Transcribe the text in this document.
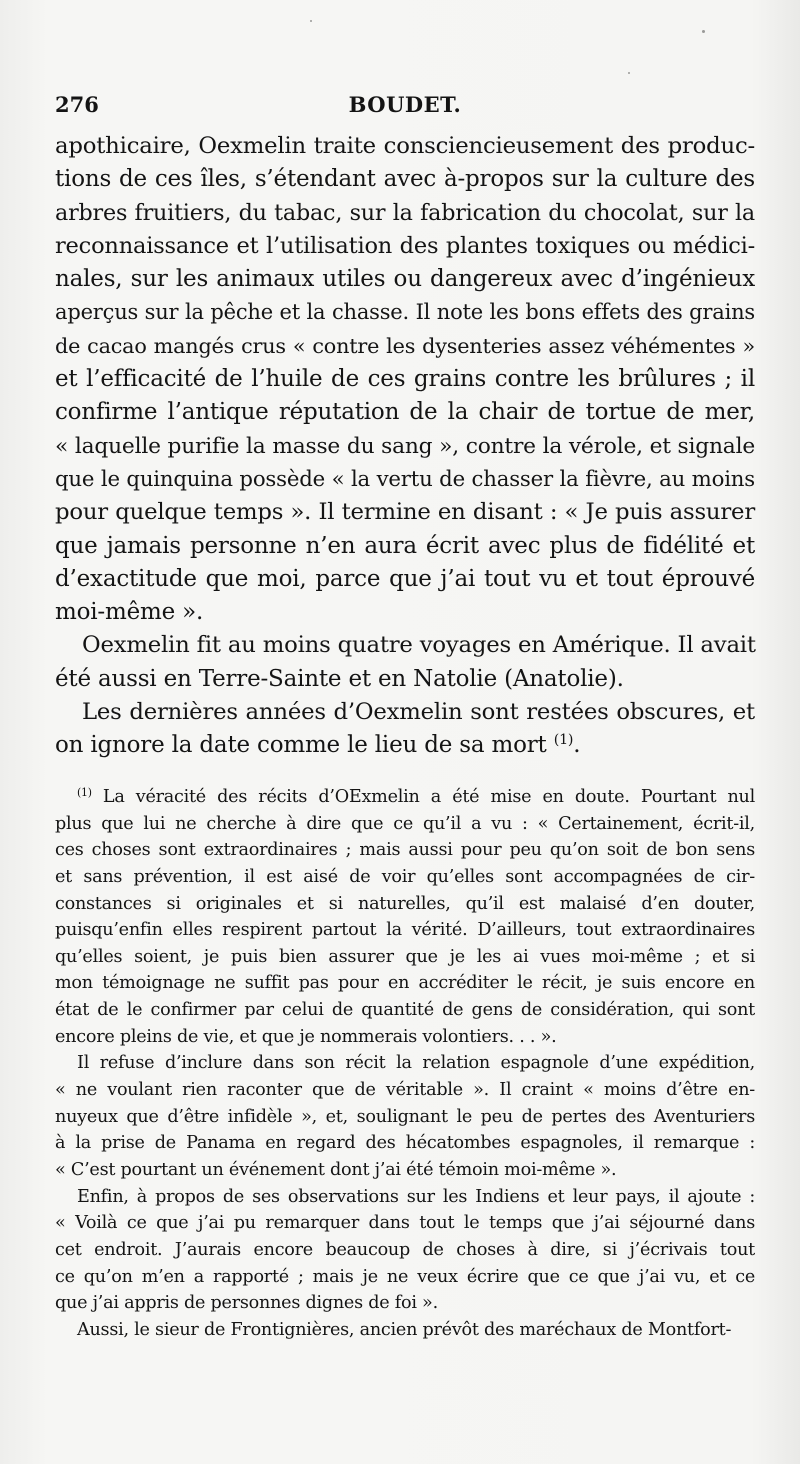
BOUDET.
276
apothicaire, Oexmelin traite consciencieusement des produc-
tions de ces îles, s’étendant avec à-propos sur la culture des
arbres fruitiers, du tabac, sur la fabrication du chocolat, sur la
reconnaissance et l’utilisation des plantes toxiques ou médici-
nales, sur les animaux utiles ou dangereux avec d’ingénieux
aperçus sur la pêche et la chasse. Il note les bons effets des grains
de cacao mangés crus « contre les dysenteries assez véhémentes »
et l’efficacité de l’huile de ces grains contre les brûlures ; il
confirme l’antique réputation de la chair de tortue de mer,
« laquelle purifie la masse du sang », contre la vérole, et signale
que le quinquina possède « la vertu de chasser la fièvre, au moins
pour quelque temps ». Il termine en disant : « Je puis assurer
que jamais personne n’en aura écrit avec plus de fidélité et
d’exactitude que moi, parce que j’ai tout vu et tout éprouvé
moi-même ».
Oexmelin fit au moins quatre voyages en Amérique. Il avait
été aussi en Terre-Sainte et en Natolie (Anatolie).
Les dernières années d’Oexmelin sont restées obscures, et
on ignore la date comme le lieu de sa mort $^{(1)}$.
$^{(1)}$ La véracité des récits d’OExmelin a été mise en doute. Pourtant nul
plus que lui ne cherche à dire que ce qu’il a vu : « Certainement, écrit-il,
ces choses sont extraordinaires ; mais aussi pour peu qu’on soit de bon sens
et sans prévention, il est aisé de voir qu’elles sont accompagnées de cir-
constances si originales et si naturelles, qu’il est malaisé d’en douter,
puisqu’enfin elles respirent partout la vérité. D’ailleurs, tout extraordinaires
qu’elles soient, je puis bien assurer que je les ai vues moi-même ; et si
mon témoignage ne suffit pas pour en accréditer le récit, je suis encore en
état de le confirmer par celui de quantité de gens de considération, qui sont
encore pleins de vie, et que je nommerais volontiers. . . ».
Il refuse d’inclure dans son récit la relation espagnole d’une expédition,
« ne voulant rien raconter que de véritable ». Il craint « moins d’être en-
nuyeux que d’être infidèle », et, soulignant le peu de pertes des Aventuriers
à la prise de Panama en regard des hécatombes espagnoles, il remarque :
« C’est pourtant un événement dont j’ai été témoin moi-même ».
Enfin, à propos de ses observations sur les Indiens et leur pays, il ajoute :
« Voilà ce que j’ai pu remarquer dans tout le temps que j’ai séjourné dans
cet endroit. J’aurais encore beaucoup de choses à dire, si j’écrivais tout
ce qu’on m’en a rapporté ; mais je ne veux écrire que ce que j’ai vu, et ce
que j’ai appris de personnes dignes de foi ».
Aussi, le sieur de Frontignières, ancien prévôt des maréchaux de Montfort-
